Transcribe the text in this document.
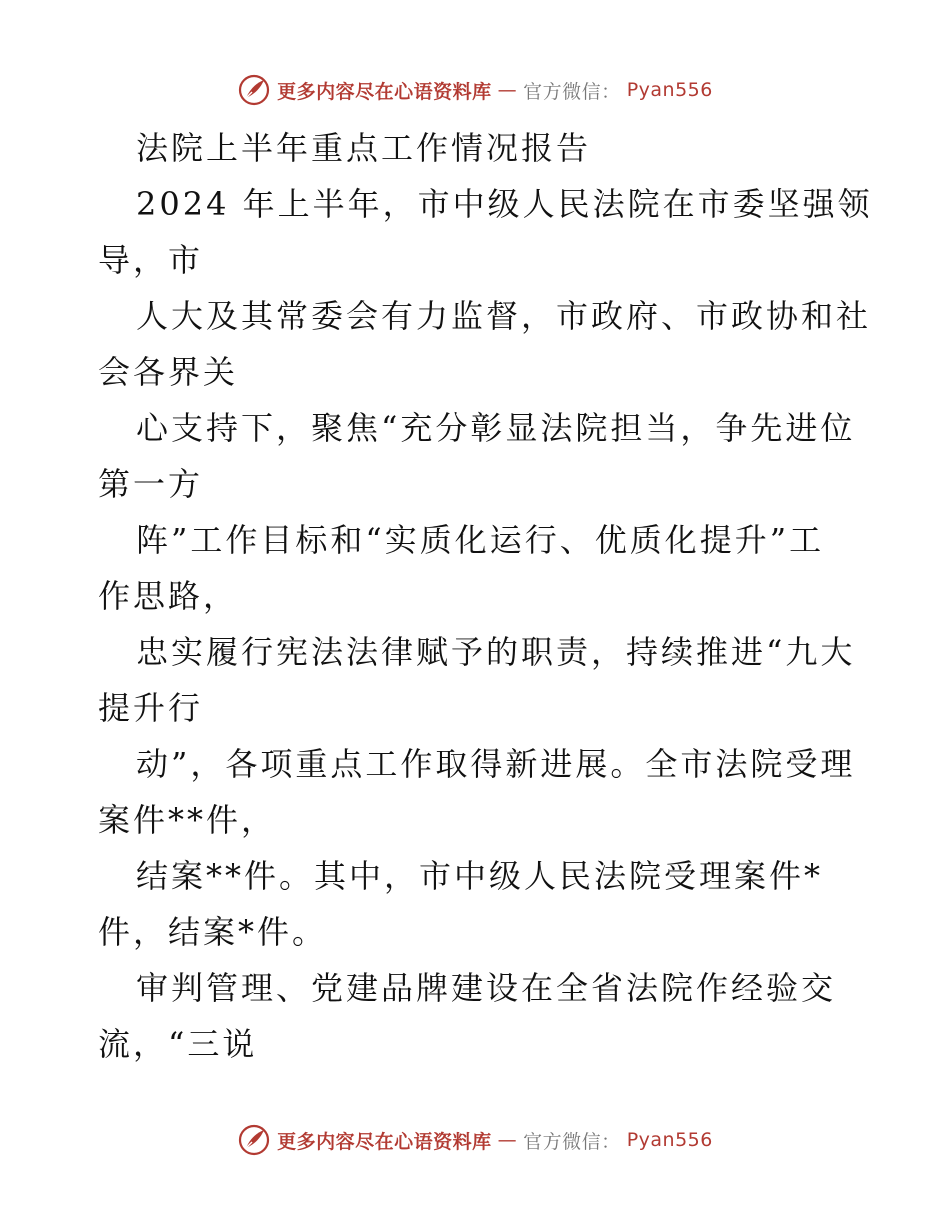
更多内容尽在心语资料库 — 官方微信： Pyan556
法院上半年重点工作情况报告
2024 年上半年，市中级人民法院在市委坚强领
导，市
人大及其常委会有力监督，市政府、市政协和社
会各界关
心支持下，聚焦“充分彰显法院担当，争先进位
第一方
阵”工作目标和“实质化运行、优质化提升”工
作思路，
忠实履行宪法法律赋予的职责，持续推进“九大
提升行
动”，各项重点工作取得新进展。全市法院受理
案件**件，
结案**件。其中，市中级人民法院受理案件*
件，结案*件。
审判管理、党建品牌建设在全省法院作经验交
流，“三说
更多内容尽在心语资料库 — 官方微信： Pyan556
